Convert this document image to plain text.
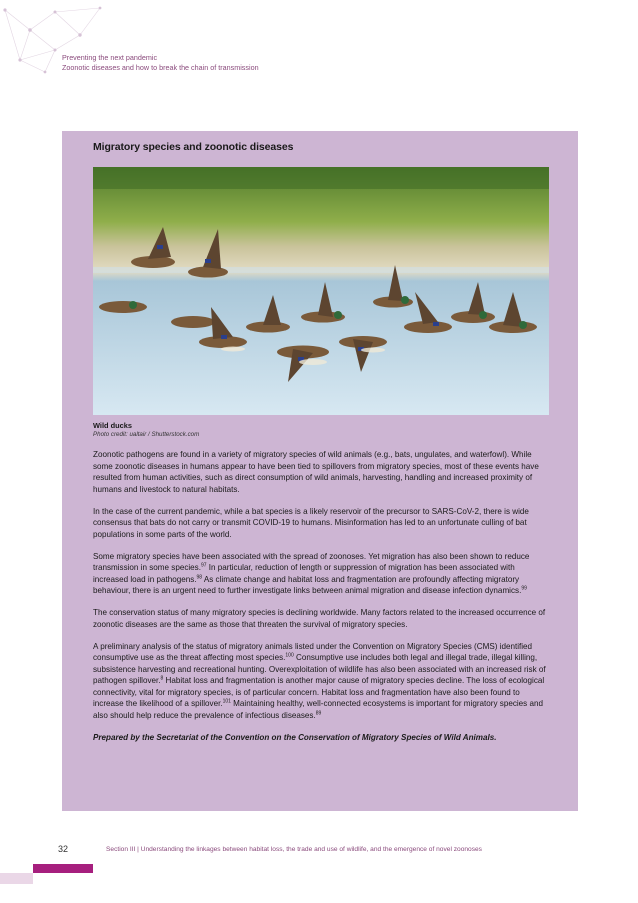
Preventing the next pandemic
Zoonotic diseases and how to break the chain of transmission
Migratory species and zoonotic diseases
Wild ducks
Photo credit: ualtair / Shutterstock.com

Zoonotic pathogens are found in a variety of migratory species of wild animals (e.g., bats, ungulates, and waterfowl). While some zoonotic diseases in humans appear to have been tied to spillovers from migratory species, most of these events have resulted from human activities, such as direct consumption of wild animals, harvesting, handling and increased proximity of humans and livestock to natural habitats.

In the case of the current pandemic, while a bat species is a likely reservoir of the precursor to SARS-CoV-2, there is wide consensus that bats do not carry or transmit COVID-19 to humans. Misinformation has led to an unfortunate culling of bat populations in some parts of the world.

Some migratory species have been associated with the spread of zoonoses. Yet migration has also been shown to reduce transmission in some species.$^{97}$ In particular, reduction of length or suppression of migration has been associated with increased load in pathogens.$^{98}$ As climate change and habitat loss and fragmentation are profoundly affecting migratory behaviour, there is an urgent need to further investigate links between animal migration and disease infection dynamics.$^{99}$

The conservation status of many migratory species is declining worldwide. Many factors related to the increased occurrence of zoonotic diseases are the same as those that threaten the survival of migratory species.

A preliminary analysis of the status of migratory animals listed under the Convention on Migratory Species (CMS) identified consumptive use as the threat affecting most species.$^{100}$ Consumptive use includes both legal and illegal trade, illegal killing, subsistence harvesting and recreational hunting. Overexploitation of wildlife has also been associated with an increased risk of pathogen spillover.$^8$ Habitat loss and fragmentation is another major cause of migratory species decline. The loss of ecological connectivity, vital for migratory species, is of particular concern. Habitat loss and fragmentation have also been found to increase the likelihood of a spillover.$^{101}$ Maintaining healthy, well-connected ecosystems is important for migratory species and also should help reduce the prevalence of infectious diseases.$^{89}$

Prepared by the Secretariat of the Convention on the Conservation of Migratory Species of Wild Animals.

32	Section III | Understanding the linkages between habitat loss, the trade and use of wildlife, and the emergence of novel zoonoses
